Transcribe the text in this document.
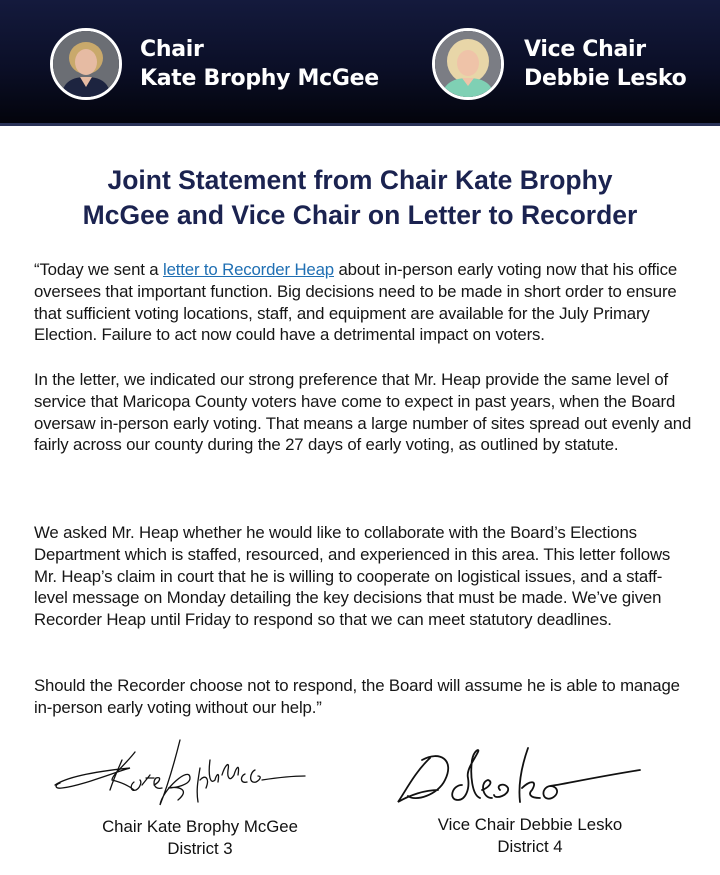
Chair
Kate Brophy McGee
Vice Chair
Debbie Lesko
Joint Statement from Chair Kate Brophy
McGee and Vice Chair on Letter to Recorder

“Today we sent a letter to Recorder Heap about in-person early voting now that his office oversees that important function. Big decisions need to be made in short order to ensure that sufficient voting locations, staff, and equipment are available for the July Primary Election. Failure to act now could have a detrimental impact on voters.

In the letter, we indicated our strong preference that Mr. Heap provide the same level of service that Maricopa County voters have come to expect in past years, when the Board oversaw in-person early voting. That means a large number of sites spread out evenly and fairly across our county during the 27 days of early voting, as outlined by statute.

We asked Mr. Heap whether he would like to collaborate with the Board’s Elections Department which is staffed, resourced, and experienced in this area. This letter follows Mr. Heap’s claim in court that he is willing to cooperate on logistical issues, and a staff-level message on Monday detailing the key decisions that must be made. We’ve given Recorder Heap until Friday to respond so that we can meet statutory deadlines.

Should the Recorder choose not to respond, the Board will assume he is able to manage in-person early voting without our help.”

Chair Kate Brophy McGee
District 3
Vice Chair Debbie Lesko
District 4
